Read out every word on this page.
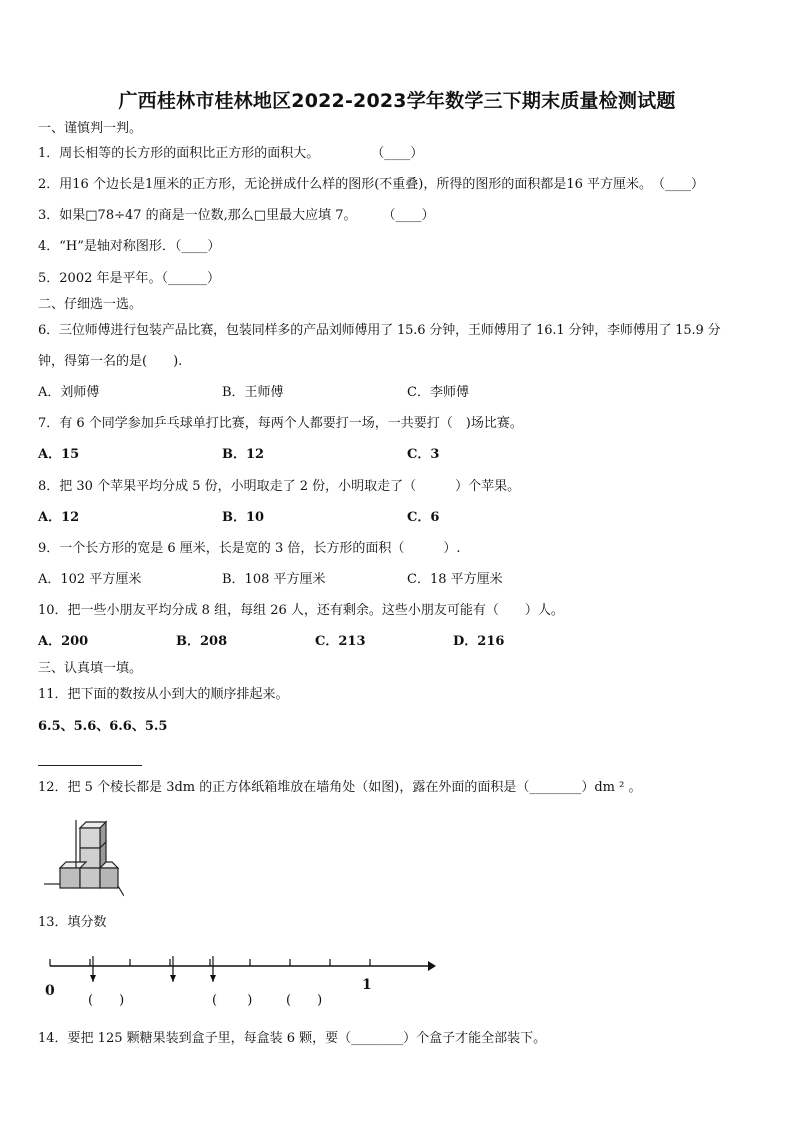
广西桂林市桂林地区2022-2023学年数学三下期末质量检测试题
一、谨慎判一判。
1．周长相等的长方形的面积比正方形的面积大。　　　　　（____）
2．用16 个边长是1厘米的正方形，无论拼成什么样的图形(不重叠)，所得的图形的面积都是16 平方厘米。　（____）
3．如果□78÷47 的商是一位数,那么□里最大应填 7。　　　（____）
4．“H”是轴对称图形．（____）
5．2002 年是平年。（______）
二、仔细选一选。
6．三位师傅进行包装产品比赛，包装同样多的产品刘师傅用了 15.6 分钟，王师傅用了 16.1 分钟，李师傅用了 15.9 分
钟，得第一名的是(　　).
A．刘师傅	B．王师傅	C．李师傅
7．有 6 个同学参加乒乓球单打比赛，每两个人都要打一场，一共要打（　)场比赛。
A．15	B．12	C．3
8．把 30 个苹果平均分成 5 份，小明取走了 2 份，小明取走了（　　　）个苹果。
A．12	B．10	C．6
9．一个长方形的宽是 6 厘米，长是宽的 3 倍，长方形的面积（　　　）.
A．102 平方厘米	B．108 平方厘米	C．18 平方厘米
10．把一些小朋友平均分成 8 组，每组 26 人，还有剩余。这些小朋友可能有（　　）人。
A．200	B．208	C．213	D．216
三、认真填一填。
11．把下面的数按从小到大的顺序排起来。
6.5、5.6、6.6、5.5
12．把 5 个棱长都是 3dm 的正方体纸箱堆放在墙角处（如图)，露在外面的面积是（________）dm ² 。
13．填分数
0	1
(　　)	(　　 )	(　　)
14．要把 125 颗糖果装到盒子里，每盒装 6 颗，要（________）个盒子才能全部装下。
